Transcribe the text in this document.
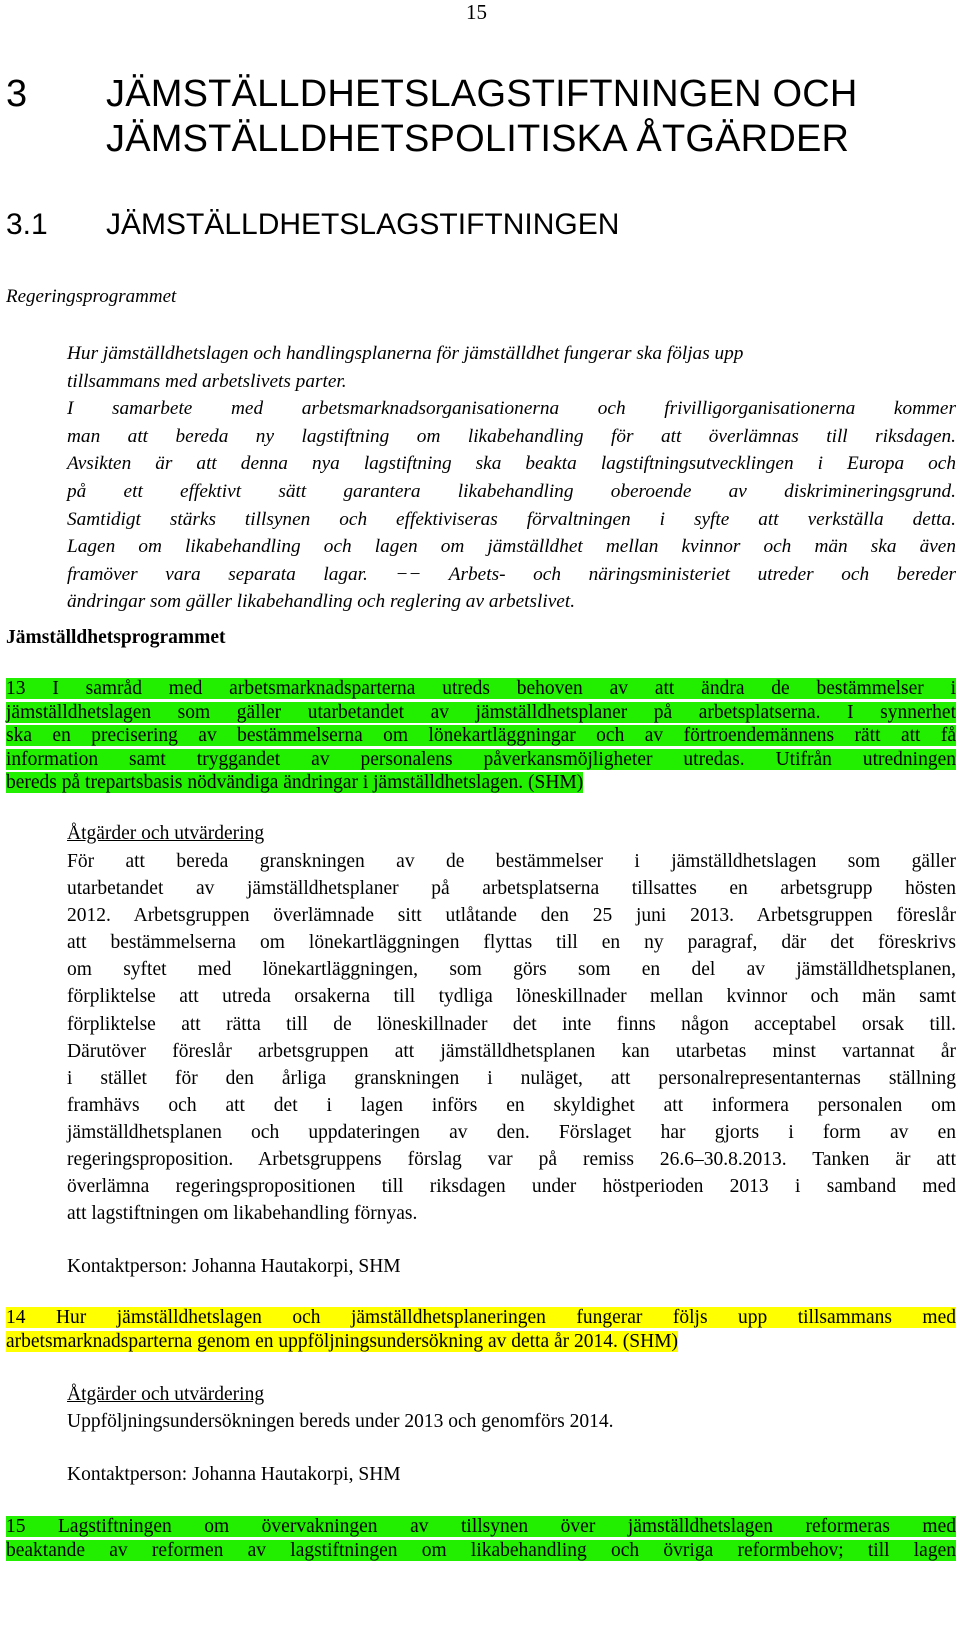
15
3 JÄMSTÄLLDHETSLAGSTIFTNINGEN OCH
JÄMSTÄLLDHETSPOLITISKA ÅTGÄRDER
3.1 JÄMSTÄLLDHETSLAGSTIFTNINGEN
Regeringsprogrammet
Hur jämställdhetslagen och handlingsplanerna för jämställdhet fungerar ska följas upp
tillsammans med arbetslivets parter.
I samarbete med arbetsmarknadsorganisationerna och frivilligorganisationerna kommer
man att bereda ny lagstiftning om likabehandling för att överlämnas till riksdagen.
Avsikten är att denna nya lagstiftning ska beakta lagstiftningsutvecklingen i Europa och
på ett effektivt sätt garantera likabehandling oberoende av diskrimineringsgrund.
Samtidigt stärks tillsynen och effektiviseras förvaltningen i syfte att verkställa detta.
Lagen om likabehandling och lagen om jämställdhet mellan kvinnor och män ska även
framöver vara separata lagar. −− Arbets- och näringsministeriet utreder och bereder
ändringar som gäller likabehandling och reglering av arbetslivet.
Jämställdhetsprogrammet
13 I samråd med arbetsmarknadsparterna utreds behoven av att ändra de bestämmelser i
jämställdhetslagen som gäller utarbetandet av jämställdhetsplaner på arbetsplatserna. I synnerhet
ska en precisering av bestämmelserna om lönekartläggningar och av förtroendemännens rätt att få
information samt tryggandet av personalens påverkansmöjligheter utredas. Utifrån utredningen
bereds på trepartsbasis nödvändiga ändringar i jämställdhetslagen. (SHM)
Åtgärder och utvärdering
För att bereda granskningen av de bestämmelser i jämställdhetslagen som gäller
utarbetandet av jämställdhetsplaner på arbetsplatserna tillsattes en arbetsgrupp hösten
2012. Arbetsgruppen överlämnade sitt utlåtande den 25 juni 2013. Arbetsgruppen föreslår
att bestämmelserna om lönekartläggningen flyttas till en ny paragraf, där det föreskrivs
om syftet med lönekartläggningen, som görs som en del av jämställdhetsplanen,
förpliktelse att utreda orsakerna till tydliga löneskillnader mellan kvinnor och män samt
förpliktelse att rätta till de löneskillnader det inte finns någon acceptabel orsak till.
Därutöver föreslår arbetsgruppen att jämställdhetsplanen kan utarbetas minst vartannat år
i stället för den årliga granskningen i nuläget, att personalrepresentanternas ställning
framhävs och att det i lagen införs en skyldighet att informera personalen om
jämställdhetsplanen och uppdateringen av den. Förslaget har gjorts i form av en
regeringsproposition. Arbetsgruppens förslag var på remiss 26.6–30.8.2013. Tanken är att
överlämna regeringspropositionen till riksdagen under höstperioden 2013 i samband med
att lagstiftningen om likabehandling förnyas.
Kontaktperson: Johanna Hautakorpi, SHM
14 Hur jämställdhetslagen och jämställdhetsplaneringen fungerar följs upp tillsammans med
arbetsmarknadsparterna genom en uppföljningsundersökning av detta år 2014. (SHM)
Åtgärder och utvärdering
Uppföljningsundersökningen bereds under 2013 och genomförs 2014.
Kontaktperson: Johanna Hautakorpi, SHM
15 Lagstiftningen om övervakningen av tillsynen över jämställdhetslagen reformeras med
beaktande av reformen av lagstiftningen om likabehandling och övriga reformbehov; till lagen
